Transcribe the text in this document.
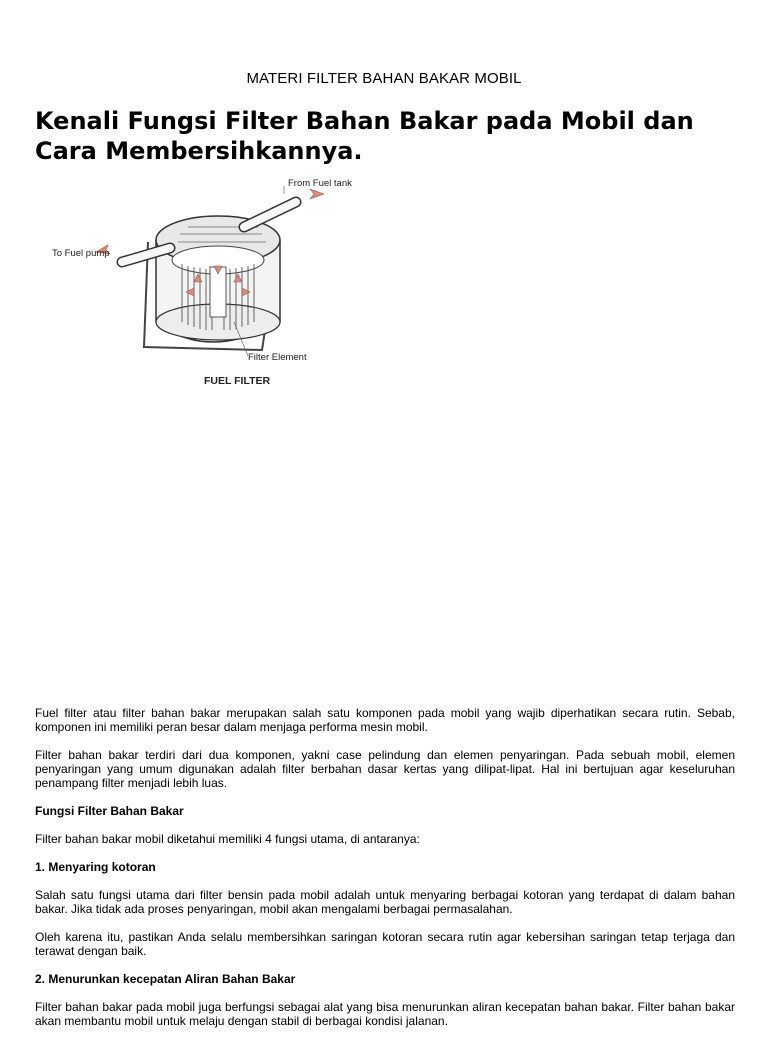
MATERI FILTER BAHAN BAKAR MOBIL
Kenali Fungsi Filter Bahan Bakar pada Mobil dan Cara Membersihkannya.
From Fuel tank
To Fuel pump
Filter Element
FUEL FILTER

Fuel filter atau filter bahan bakar merupakan salah satu komponen pada mobil yang wajib diperhatikan secara rutin. Sebab, komponen ini memiliki peran besar dalam menjaga performa mesin mobil.

Filter bahan bakar terdiri dari dua komponen, yakni case pelindung dan elemen penyaringan. Pada sebuah mobil, elemen penyaringan yang umum digunakan adalah filter berbahan dasar kertas yang dilipat-lipat. Hal ini bertujuan agar keseluruhan penampang filter menjadi lebih luas.

Fungsi Filter Bahan Bakar

Filter bahan bakar mobil diketahui memiliki 4 fungsi utama, di antaranya:

1. Menyaring kotoran

Salah satu fungsi utama dari filter bensin pada mobil adalah untuk menyaring berbagai kotoran yang terdapat di dalam bahan bakar. Jika tidak ada proses penyaringan, mobil akan mengalami berbagai permasalahan.

Oleh karena itu, pastikan Anda selalu membersihkan saringan kotoran secara rutin agar kebersihan saringan tetap terjaga dan terawat dengan baik.

2. Menurunkan kecepatan Aliran Bahan Bakar

Filter bahan bakar pada mobil juga berfungsi sebagai alat yang bisa menurunkan aliran kecepatan bahan bakar. Filter bahan bakar akan membantu mobil untuk melaju dengan stabil di berbagai kondisi jalanan.
